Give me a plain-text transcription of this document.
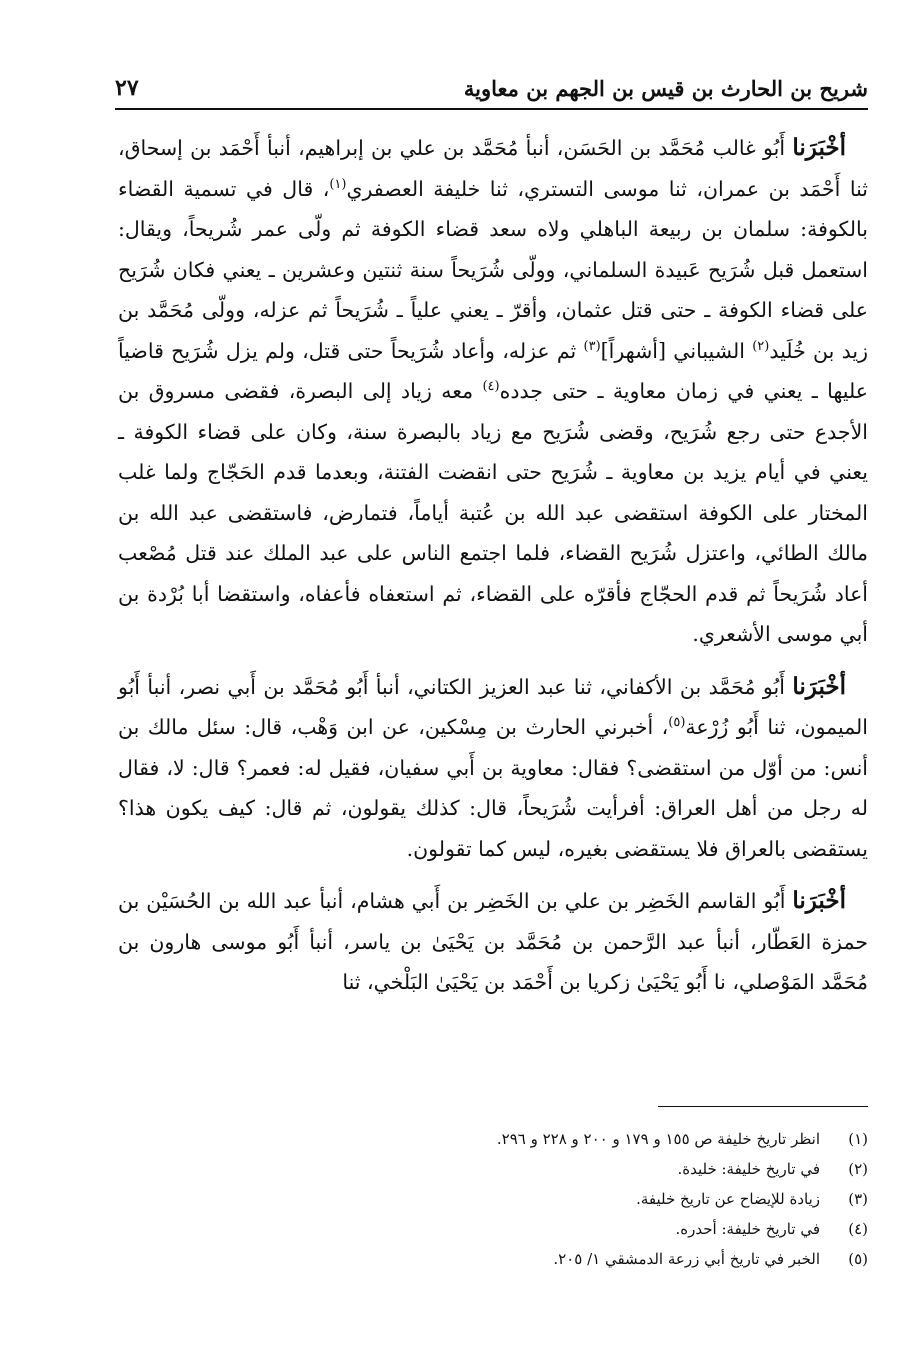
شريح بن الحارث بن قيس بن الجهم بن معاوية
٢٧

أخْبَرَنا أَبُو غالب مُحَمَّد بن الحَسَن، أنبأ مُحَمَّد بن علي بن إبراهيم، أنبأ أَحْمَد بن إسحاق، ثنا أَحْمَد بن عمران، ثنا موسى التستري، ثنا خليفة العصفري$^{(١)}$، قال في تسمية القضاء بالكوفة: سلمان بن ربيعة الباهلي ولاه سعد قضاء الكوفة ثم ولّى عمر شُريحاً، ويقال: استعمل قبل شُرَيح عَبيدة السلماني، وولّى شُرَيحاً سنة ثنتين وعشرين ـ يعني فكان شُرَيح على قضاء الكوفة ـ حتى قتل عثمان، وأقرّ ـ يعني علياً ـ شُرَيحاً ثم عزله، وولّى مُحَمَّد بن زيد بن خُلَيد$^{(٢)}$ الشيباني [أشهراً]$^{(٣)}$ ثم عزله، وأعاد شُرَيحاً حتى قتل، ولم يزل شُرَيح قاضياً عليها ـ يعني في زمان معاوية ـ حتى جدده$^{(٤)}$ معه زياد إلى البصرة، فقضى مسروق بن الأجدع حتى رجع شُرَيح، وقضى شُرَيح مع زياد بالبصرة سنة، وكان على قضاء الكوفة ـ يعني في أيام يزيد بن معاوية ـ شُرَيح حتى انقضت الفتنة، وبعدما قدم الحَجّاج ولما غلب المختار على الكوفة استقضى عبد الله بن عُتبة أياماً، فتمارض، فاستقضى عبد الله بن مالك الطائي، واعتزل شُرَيح القضاء، فلما اجتمع الناس على عبد الملك عند قتل مُصْعب أعاد شُرَيحاً ثم قدم الحجّاج فأقرّه على القضاء، ثم استعفاه فأعفاه، واستقضا أبا بُرْدة بن أبي موسى الأشعري.

أخْبَرَنا أَبُو مُحَمَّد بن الأكفاني، ثنا عبد العزيز الكتاني، أنبأ أَبُو مُحَمَّد بن أَبي نصر، أنبأ أَبُو الميمون، ثنا أَبُو زُرْعة$^{(٥)}$، أخبرني الحارث بن مِسْكين، عن ابن وَهْب، قال: سئل مالك بن أنس: من أوّل من استقضى؟ فقال: معاوية بن أَبي سفيان، فقيل له: فعمر؟ قال: لا، فقال له رجل من أهل العراق: أفرأيت شُرَيحاً، قال: كذلك يقولون، ثم قال: كيف يكون هذا؟ يستقضى بالعراق فلا يستقضى بغيره، ليس كما تقولون.

أخْبَرَنا أَبُو القاسم الخَضِر بن علي بن الخَضِر بن أَبي هشام، أنبأ عبد الله بن الحُسَيْن بن حمزة العَطّار، أنبأ عبد الرَّحمن بن مُحَمَّد بن يَحْيَىٰ بن ياسر، أنبأ أَبُو موسى هارون بن مُحَمَّد المَوْصلي، نا أَبُو يَحْيَىٰ زكريا بن أَحْمَد بن يَحْيَىٰ البَلْخي، ثنا

(١)
انظر تاريخ خليفة ص ١٥٥ و ١٧٩ و ٢٠٠ و ٢٢٨ و ٢٩٦.
(٢)
في تاريخ خليفة: خليدة.
(٣)
زيادة للإيضاح عن تاريخ خليفة.
(٤)
في تاريخ خليفة: أحدره.
(٥)
الخبر في تاريخ أبي زرعة الدمشقي ١/ ٢٠٥.
